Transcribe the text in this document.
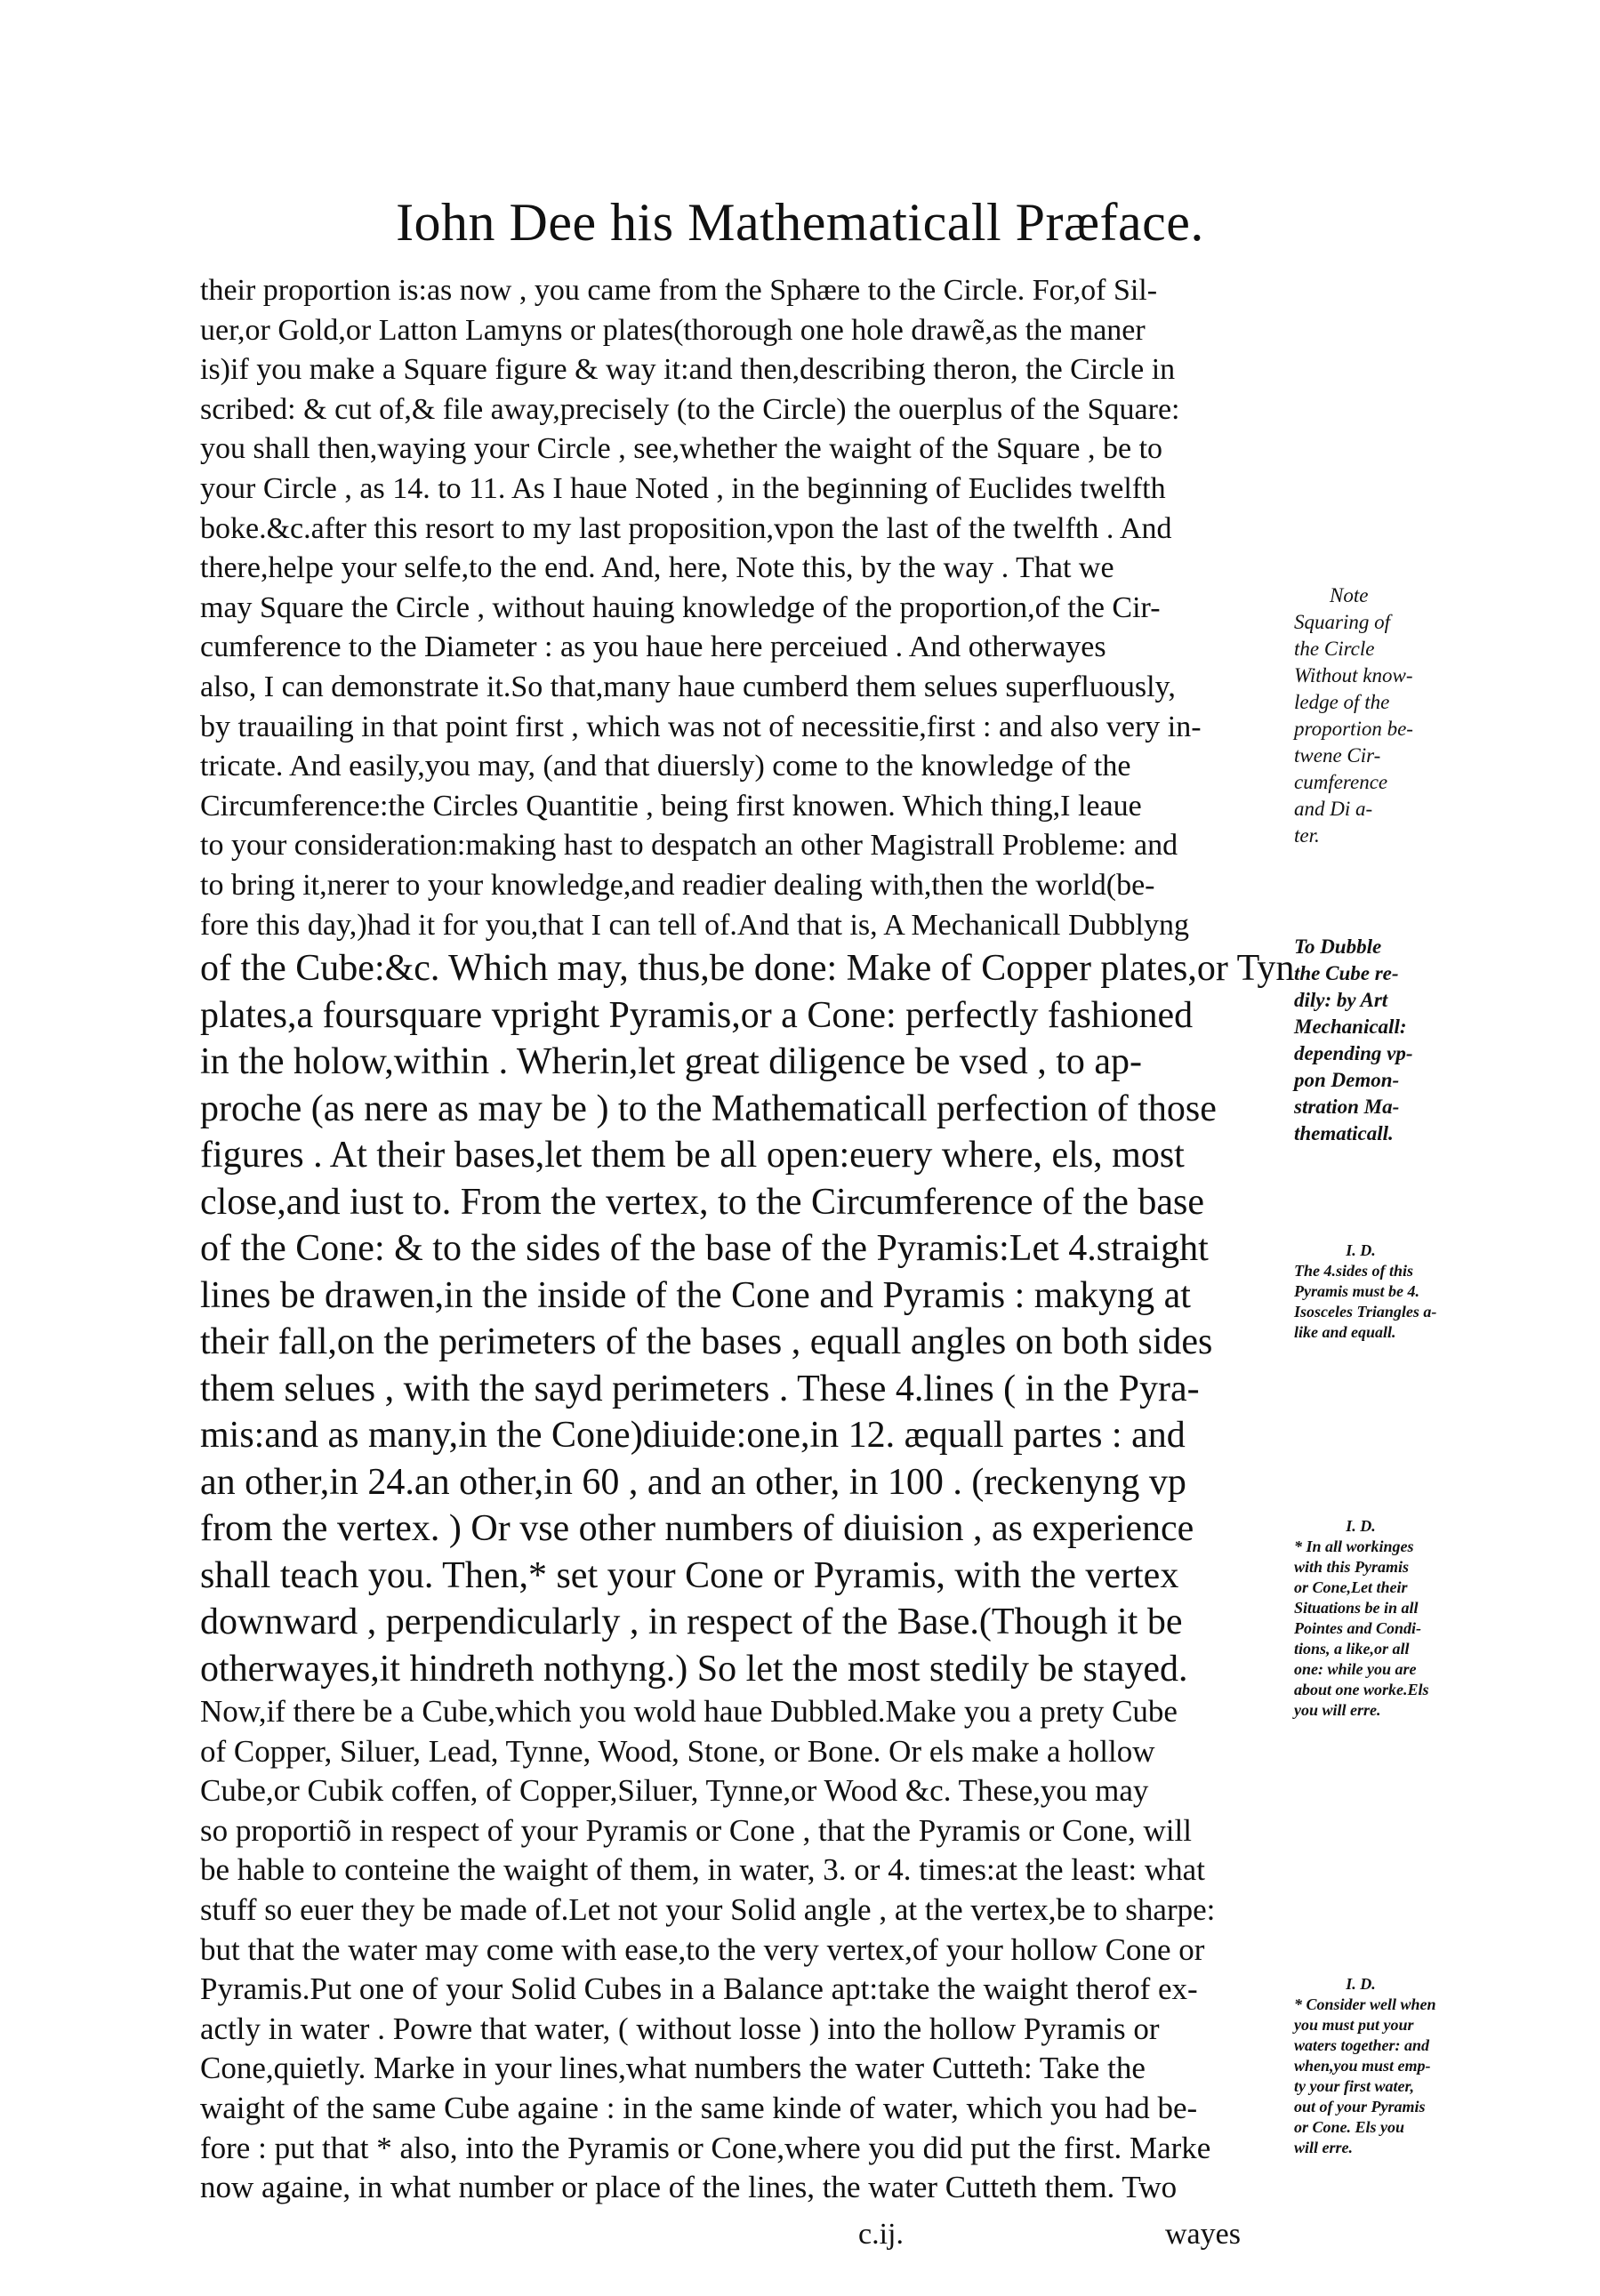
Iohn Dee his Mathematicall Præface.
their proportion is:as now , you came from the Sphære to the Circle. For,of Sil-
uer,or Gold,or Latton Lamyns or plates(thorough one hole drawẽ,as the maner
is)if you make a Square figure & way it:and then,describing theron, the Circle in
scribed: & cut of,& file away,precisely (to the Circle) the ouerplus of the Square:
you shall then,waying your Circle , see,whether the waight of the Square , be to
your Circle , as 14. to 11. As I haue Noted , in the beginning of Euclides twelfth
boke.&c.after this resort to my last proposition,vpon the last of the twelfth . And
there,helpe your selfe,to the end. And, here, Note this, by the way . That we
may Square the Circle , without hauing knowledge of the proportion,of the Cir-
cumference to the Diameter : as you haue here perceiued . And otherwayes
also, I can demonstrate it.So that,many haue cumberd them selues superfluously,
by trauailing in that point first , which was not of necessitie,first : and also very in-
tricate. And easily,you may, (and that diuersly) come to the knowledge of the
Circumference:the Circles Quantitie , being first knowen. Which thing,I leaue
to your consideration:making hast to despatch an other Magistrall Probleme: and
to bring it,nerer to your knowledge,and readier dealing with,then the world(be-
fore this day,)had it for you,that I can tell of.And that is, A Mechanicall Dubblyng
of the Cube:&c. Which may, thus,be done: Make of Copper plates,or Tyn
plates,a foursquare vpright Pyramis,or a Cone: perfectly fashioned
in the holow,within . Wherin,let great diligence be vsed , to ap-
proche (as nere as may be ) to the Mathematicall perfection of those
figures . At their bases,let them be all open:euery where, els, most
close,and iust to. From the vertex, to the Circumference of the base
of the Cone: & to the sides of the base of the Pyramis:Let 4.straight
lines be drawen,in the inside of the Cone and Pyramis : makyng at
their fall,on the perimeters of the bases , equall angles on both sides
them selues , with the sayd perimeters . These 4.lines ( in the Pyra-
mis:and as many,in the Cone)diuide:one,in 12. æquall partes : and
an other,in 24.an other,in 60 , and an other, in 100 . (reckenyng vp
from the vertex. ) Or vse other numbers of diuision , as experience
shall teach you. Then,* set your Cone or Pyramis, with the vertex
downward , perpendicularly , in respect of the Base.(Though it be
otherwayes,it hindreth nothyng.) So let the most stedily be stayed.
Now,if there be a Cube,which you wold haue Dubbled.Make you a prety Cube
of Copper, Siluer, Lead, Tynne, Wood, Stone, or Bone. Or els make a hollow
Cube,or Cubik coffen, of Copper,Siluer, Tynne,or Wood &c. These,you may
so proportiõ in respect of your Pyramis or Cone , that the Pyramis or Cone, will
be hable to conteine the waight of them, in water, 3. or 4. times:at the least: what
stuff so euer they be made of.Let not your Solid angle , at the vertex,be to sharpe:
but that the water may come with ease,to the very vertex,of your hollow Cone or
Pyramis.Put one of your Solid Cubes in a Balance apt:take the waight therof ex-
actly in water . Powre that water, ( without losse ) into the hollow Pyramis or
Cone,quietly. Marke in your lines,what numbers the water Cutteth: Take the
waight of the same Cube againe : in the same kinde of water, which you had be-
fore : put that * also, into the Pyramis or Cone,where you did put the first. Marke
now againe, in what number or place of the lines, the water Cutteth them. Two
Note
Squaring of
the Circle
Without know-
ledge of the
proportion be-
twene Cir-
cumference
and Di a-
ter.
To Dubble
the Cube re-
dily: by Art
Mechanicall:
depending vp-
pon Demon-
stration Ma-
thematicall.
I. D.
The 4.sides of this
Pyramis must be 4.
Isosceles Triangles a-
like and equall.
I. D.
* In all workinges
with this Pyramis
or Cone,Let their
Situations be in all
Pointes and Condi-
tions, a like,or all
one: while you are
about one worke.Els
you will erre.
I. D.
* Consider well when
you must put your
waters together: and
when,you must emp-
ty your first water,
out of your Pyramis
or Cone. Els you
will erre.
c.ij.	wayes
